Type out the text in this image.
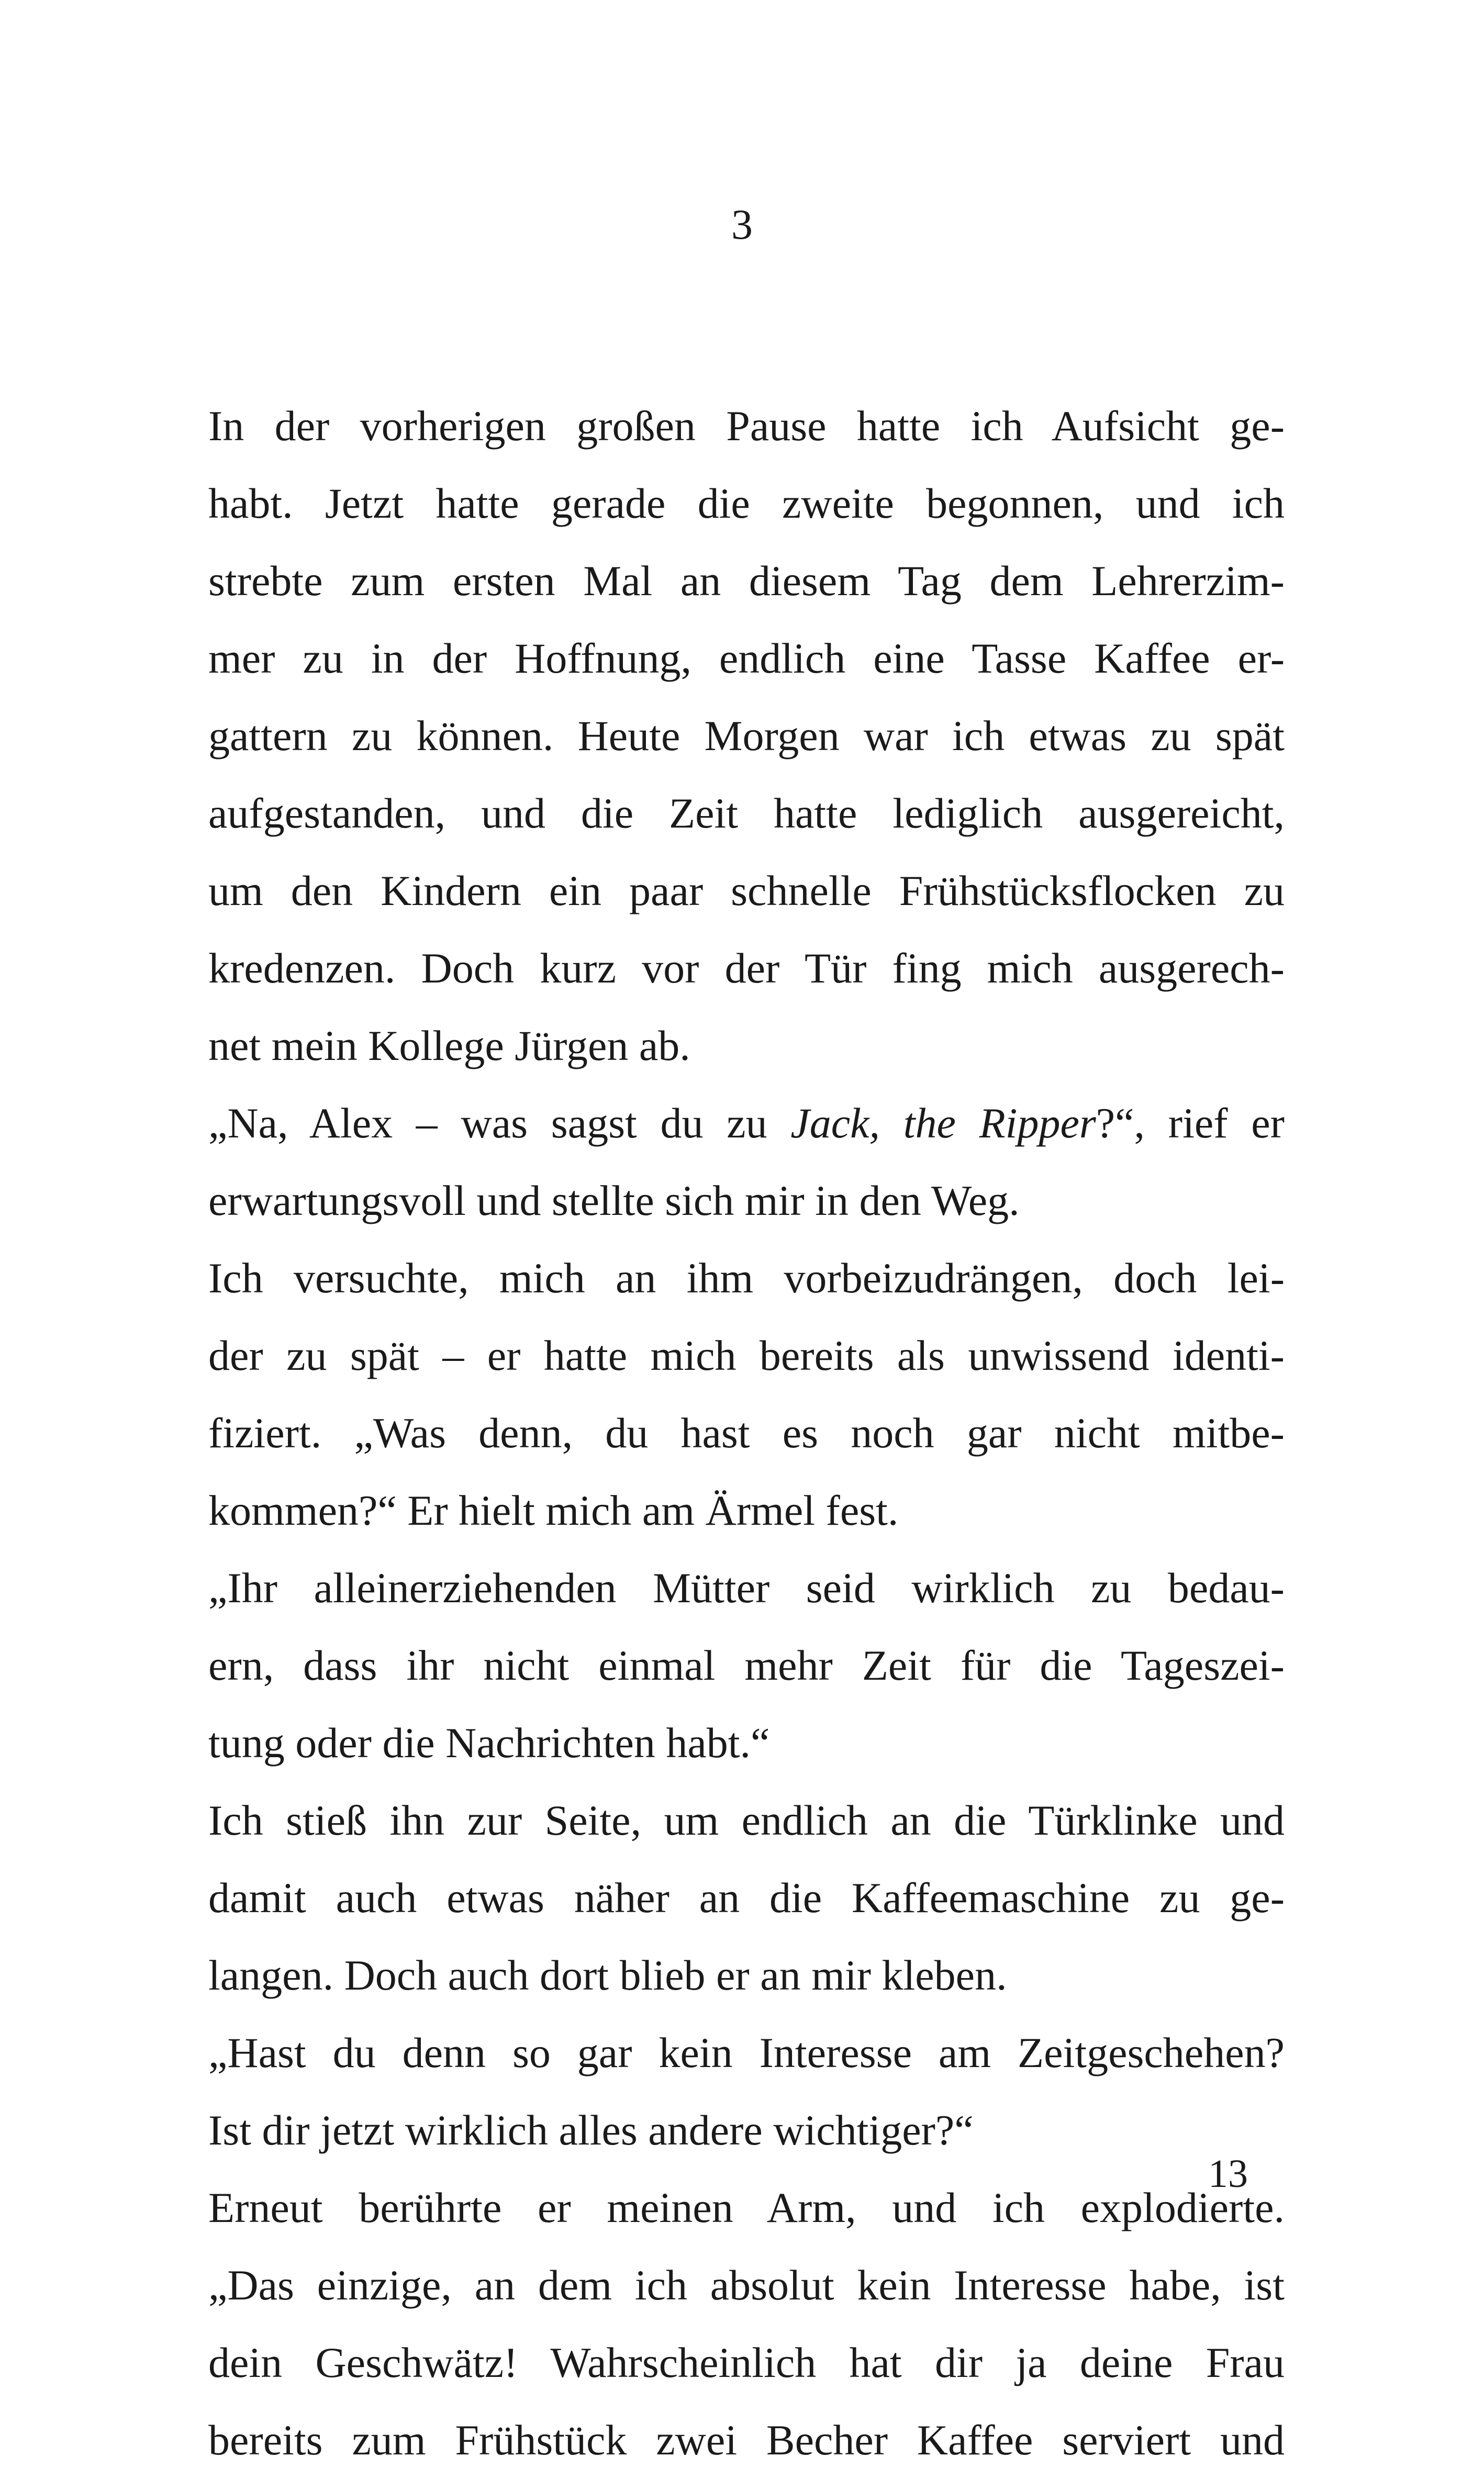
3
In der vorherigen großen Pause hatte ich Aufsicht ge-
habt. Jetzt hatte gerade die zweite begonnen, und ich
strebte zum ersten Mal an diesem Tag dem Lehrerzim-
mer zu in der Hoffnung, endlich eine Tasse Kaffee er-
gattern zu können. Heute Morgen war ich etwas zu spät
aufgestanden, und die Zeit hatte lediglich ausgereicht,
um den Kindern ein paar schnelle Frühstücksflocken zu
kredenzen. Doch kurz vor der Tür fing mich ausgerech-
net mein Kollege Jürgen ab.
„Na, Alex – was sagst du zu Jack, the Ripper?“, rief er
erwartungsvoll und stellte sich mir in den Weg.
Ich versuchte, mich an ihm vorbeizudrängen, doch lei-
der zu spät – er hatte mich bereits als unwissend identi-
fiziert. „Was denn, du hast es noch gar nicht mitbe-
kommen?“ Er hielt mich am Ärmel fest.
„Ihr alleinerziehenden Mütter seid wirklich zu bedau-
ern, dass ihr nicht einmal mehr Zeit für die Tageszei-
tung oder die Nachrichten habt.“
Ich stieß ihn zur Seite, um endlich an die Türklinke und
damit auch etwas näher an die Kaffeemaschine zu ge-
langen. Doch auch dort blieb er an mir kleben.
„Hast du denn so gar kein Interesse am Zeitgeschehen?
Ist dir jetzt wirklich alles andere wichtiger?“
Erneut berührte er meinen Arm, und ich explodierte.
„Das einzige, an dem ich absolut kein Interesse habe, ist
dein Geschwätz! Wahrscheinlich hat dir ja deine Frau
bereits zum Frühstück zwei Becher Kaffee serviert und
13
